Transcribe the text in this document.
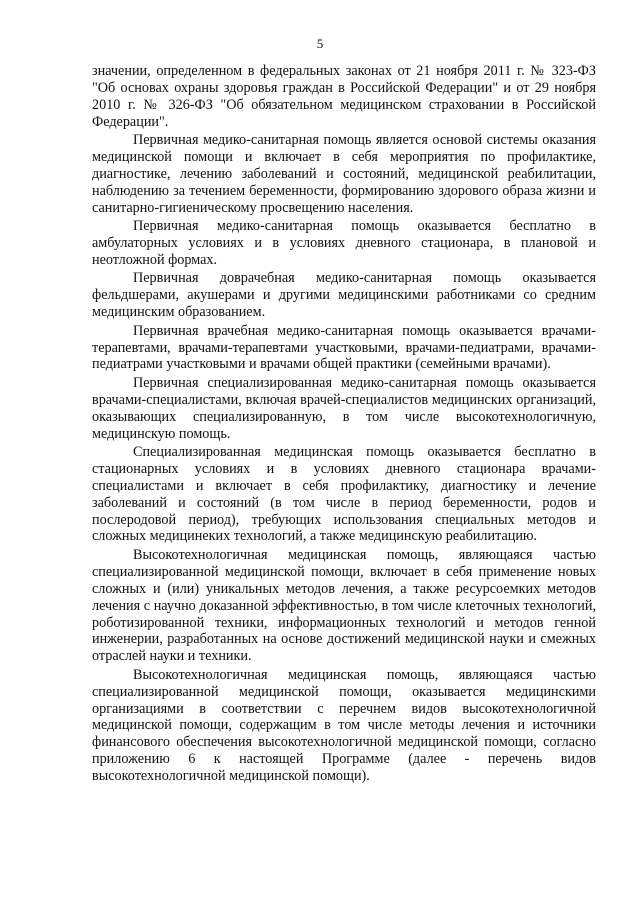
5

значении, определенном в федеральных законах от 21 ноября 2011 г. № 323-ФЗ "Об основах охраны здоровья граждан в Российской Федерации" и от 29 ноября 2010 г. № 326-ФЗ "Об обязательном медицинском страховании в Российской Федерации".

Первичная медико-санитарная помощь является основой системы оказания медицинской помощи и включает в себя мероприятия по профилактике, диагностике, лечению заболеваний и состояний, медицинской реабилитации, наблюдению за течением беременности, формированию здорового образа жизни и санитарно-гигиеническому просвещению населения.

Первичная медико-санитарная помощь оказывается бесплатно в амбулаторных условиях и в условиях дневного стационара, в плановой и неотложной формах.

Первичная доврачебная медико-санитарная помощь оказывается фельдшерами, акушерами и другими медицинскими работниками со средним медицинским образованием.

Первичная врачебная медико-санитарная помощь оказывается врачами-терапевтами, врачами-терапевтами участковыми, врачами-педиатрами, врачами-педиатрами участковыми и врачами общей практики (семейными врачами).

Первичная специализированная медико-санитарная помощь оказывается врачами-специалистами, включая врачей-специалистов медицинских организаций, оказывающих специализированную, в том числе высокотехнологичную, медицинскую помощь.

Специализированная медицинская помощь оказывается бесплатно в стационарных условиях и в условиях дневного стационара врачами-специалистами и включает в себя профилактику, диагностику и лечение заболеваний и состояний (в том числе в период беременности, родов и послеродовой период), требующих использования специальных методов и сложных медицинеких технологий, а также медицинскую реабилитацию.

Высокотехнологичная медицинская помощь, являющаяся частью специализированной медицинской помощи, включает в себя применение новых сложных и (или) уникальных методов лечения, а также ресурсоемких методов лечения с научно доказанной эффективностью, в том числе клеточных технологий, роботизированной техники, информационных технологий и методов генной инженерии, разработанных на основе достижений медицинской науки и смежных отраслей науки и техники.

Высокотехнологичная медицинская помощь, являющаяся частью специализированной медицинской помощи, оказывается медицинскими организациями в соответствии с перечнем видов высокотехнологичной медицинской помощи, содержащим в том числе методы лечения и источники финансового обеспечения высокотехнологичной медицинской помощи, согласно приложению 6 к настоящей Программе (далее - перечень видов высокотехнологичной медицинской помощи).
